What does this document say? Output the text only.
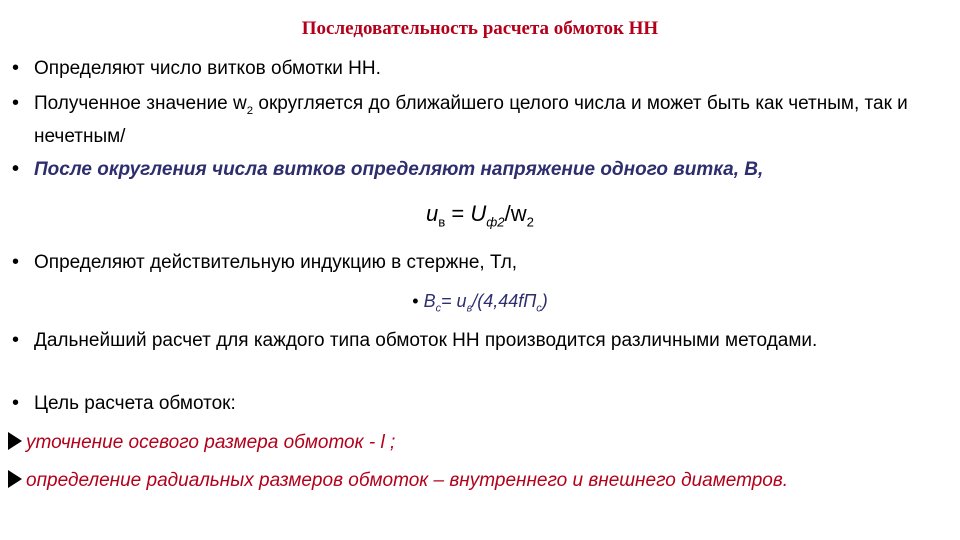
Последовательность расчета обмоток НН
• Определяют число витков обмотки НН.
• Полученное значение $w_2$ округляется до ближайшего целого числа и может быть как четным, так и нечетным/
• После округления числа витков определяют напряжение одного витка, В,
$u_в = U_{ф2}/w_2$
• Определяют действительную индукцию в стержне, Тл,
• $B_c= u_в/(4,44fП_c)$
• Дальнейший расчет для каждого типа обмоток НН производится различными методами.
• Цель расчета обмоток:
уточнение осевого размера обмоток - l ;
определение радиальных размеров обмоток – внутреннего и внешнего диаметров.
